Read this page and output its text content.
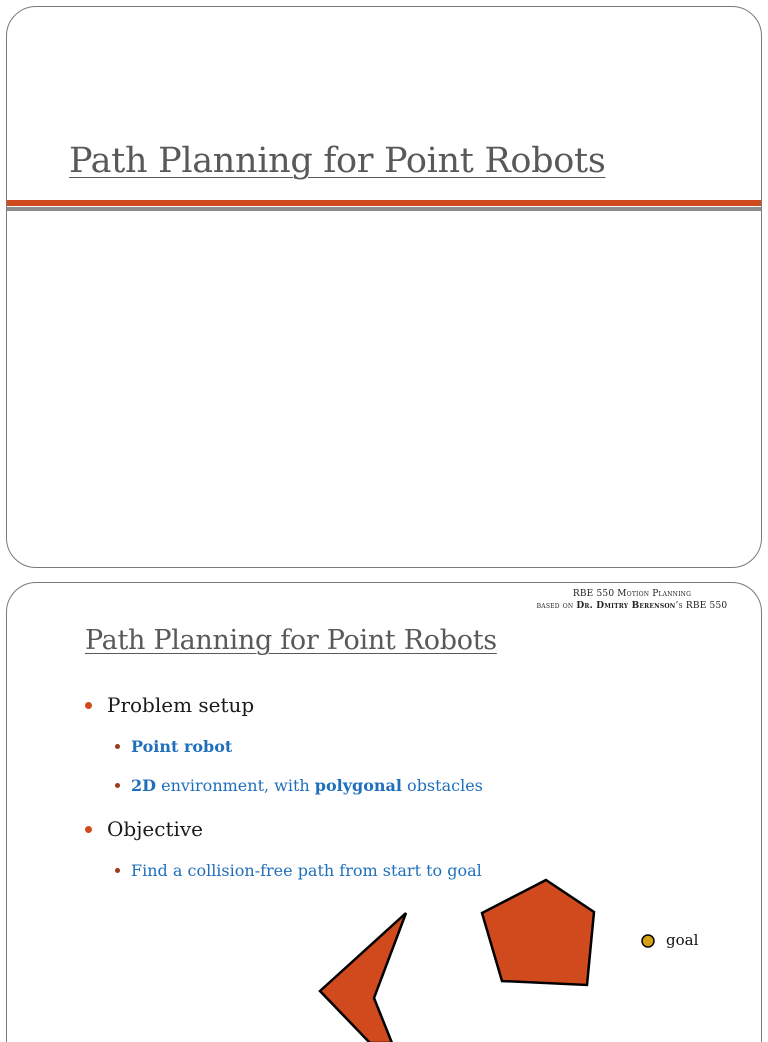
Path Planning for Point Robots
RBE 550 Motion Planning
based on Dr. Dmitry Berenson’s RBE 550
Path Planning for Point Robots
Problem setup
Point robot
2D environment, with polygonal obstacles
Objective
Find a collision-free path from start to goal
goal
